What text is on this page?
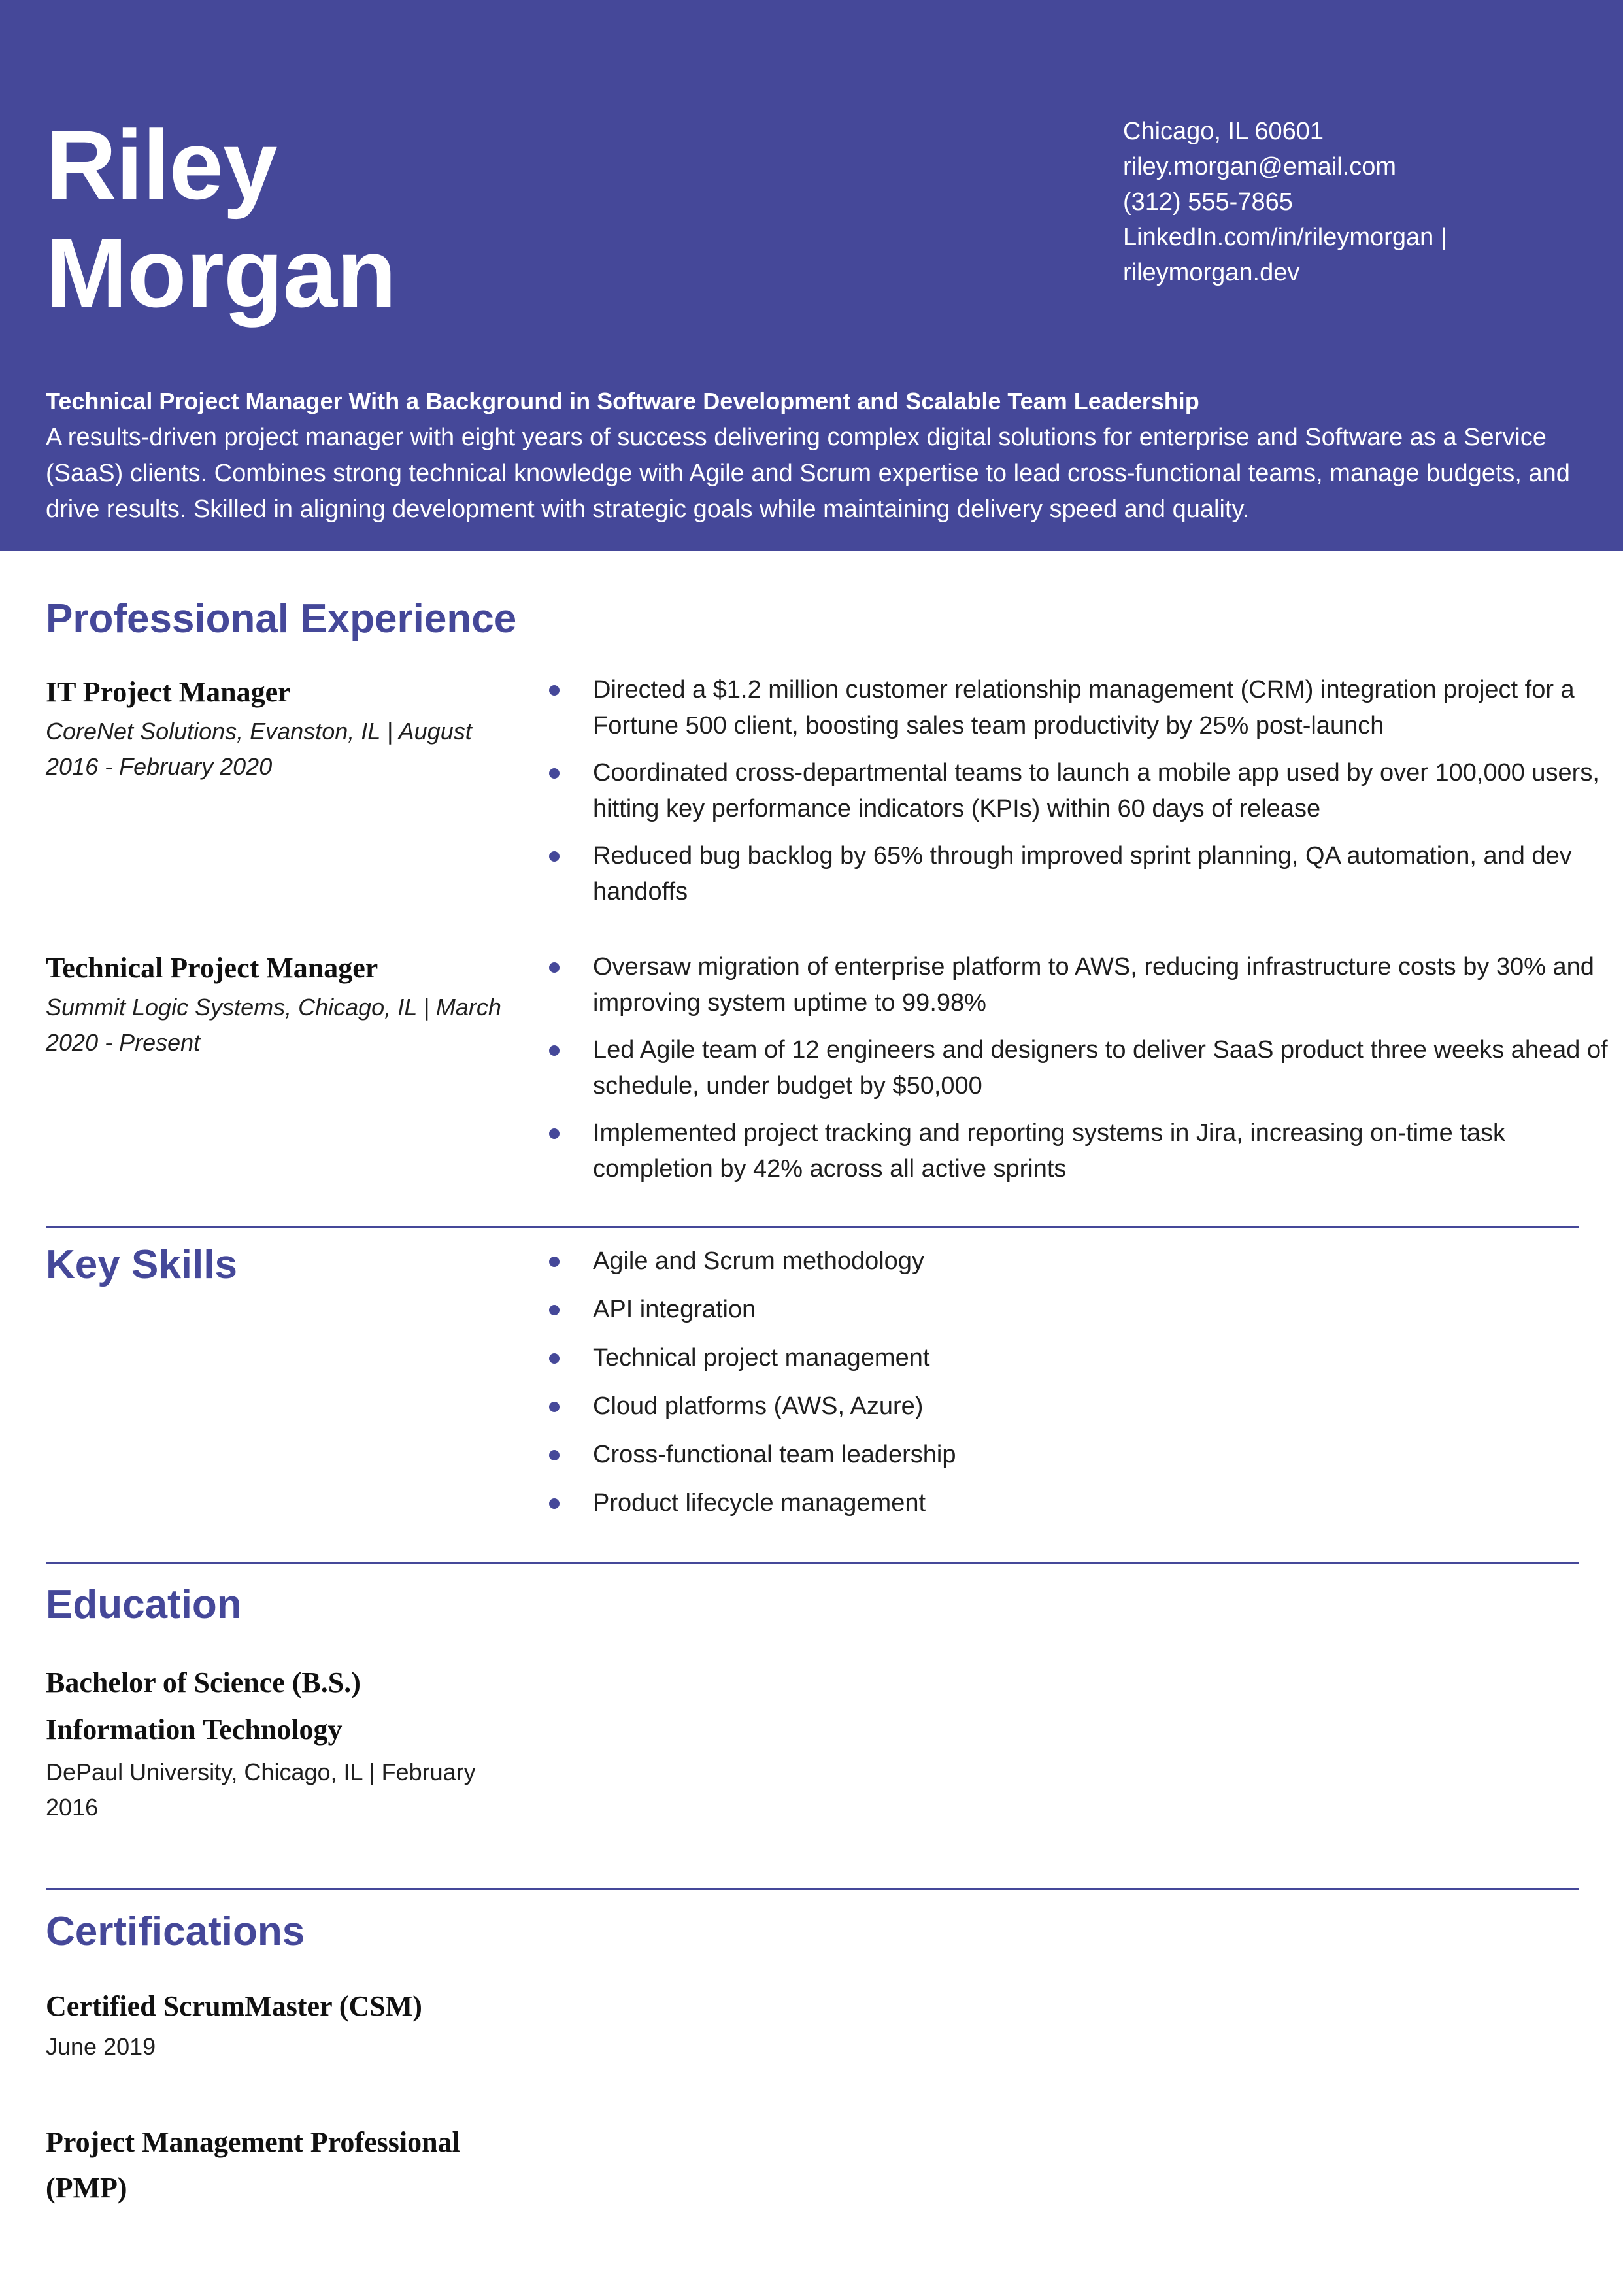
Riley
Morgan
Chicago, IL 60601
riley.morgan@email.com
(312) 555-7865
LinkedIn.com/in/rileymorgan |
rileymorgan.dev
Technical Project Manager With a Background in Software Development and Scalable Team Leadership
A results-driven project manager with eight years of success delivering complex digital solutions for enterprise and Software as a Service (SaaS) clients. Combines strong technical knowledge with Agile and Scrum expertise to lead cross-functional teams, manage budgets, and drive results. Skilled in aligning development with strategic goals while maintaining delivery speed and quality.
Professional Experience
IT Project Manager
CoreNet Solutions, Evanston, IL | August 2016 - February 2020
Directed a $1.2 million customer relationship management (CRM) integration project for a Fortune 500 client, boosting sales team productivity by 25% post-launch
Coordinated cross-departmental teams to launch a mobile app used by over 100,000 users, hitting key performance indicators (KPIs) within 60 days of release
Reduced bug backlog by 65% through improved sprint planning, QA automation, and dev handoffs
Technical Project Manager
Summit Logic Systems, Chicago, IL | March 2020 - Present
Oversaw migration of enterprise platform to AWS, reducing infrastructure costs by 30% and improving system uptime to 99.98%
Led Agile team of 12 engineers and designers to deliver SaaS product three weeks ahead of schedule, under budget by $50,000
Implemented project tracking and reporting systems in Jira, increasing on-time task completion by 42% across all active sprints
Key Skills	Agile and Scrum methodology
API integration
Technical project management
Cloud platforms (AWS, Azure)
Cross-functional team leadership
Product lifecycle management
Education
Bachelor of Science (B.S.)
Information Technology
DePaul University, Chicago, IL | February 2016
Certifications
Certified ScrumMaster (CSM)
June 2019
Project Management Professional
(PMP)
